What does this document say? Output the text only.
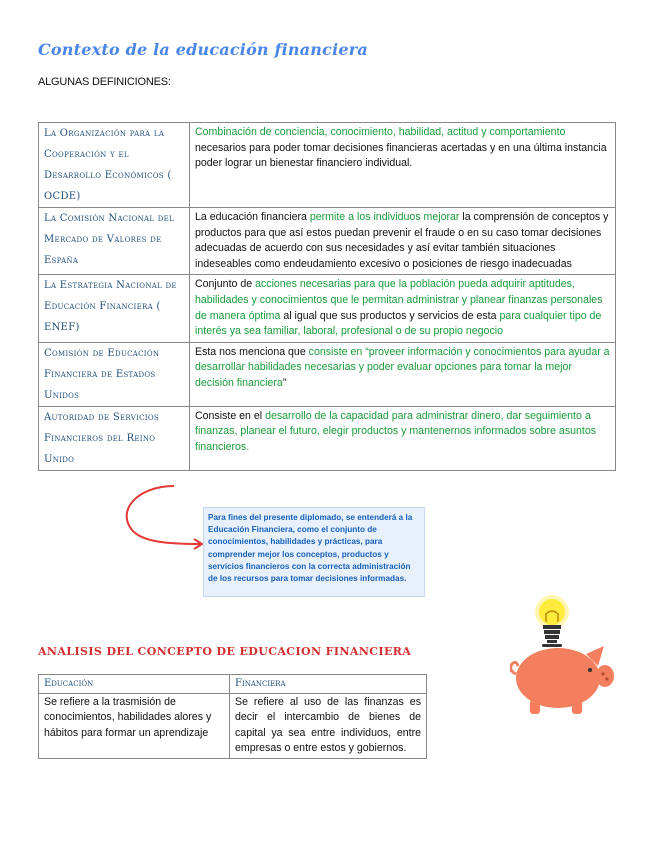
Contexto de la educación financiera
ALGUNAS DEFINICIONES:
La Organización para la Cooperación y el Desarrollo Económicos ( OCDE)	Combinación de conciencia, conocimiento, habilidad, actitud y comportamiento necesarios para poder tomar decisiones financieras acertadas y en una última instancia poder lograr un bienestar financiero individual.
La Comisión Nacional del Mercado de Valores de España	La educación financiera permite a los individuos mejorar la comprensión de conceptos y productos para que así estos puedan prevenir el fraude o en su caso tomar decisiones adecuadas de acuerdo con sus necesidades y así evitar también situaciones indeseables como endeudamiento excesivo o posiciones de riesgo inadecuadas
La Estrategia Nacional de Educación Financiera ( ENEF)	Conjunto de acciones necesarias para que la población pueda adquirir aptitudes, habilidades y conocimientos que le permitan administrar y planear finanzas personales de manera óptima al igual que sus productos y servicios de esta para cualquier tipo de interés ya sea familiar, laboral, profesional o de su propio negocio
Comisión de Educación Financiera de Estados Unidos	Esta nos menciona que consiste en “proveer información y conocimientos para ayudar a desarrollar habilidades necesarias y poder evaluar opciones para tomar la mejor decisión financiera”
Autoridad de Servicios Financieros del Reino Unido	Consiste en el desarrollo de la capacidad para administrar dinero, dar seguimiento a finanzas, planear el futuro, elegir productos y mantenernos informados sobre asuntos financieros.
Para fines del presente diplomado, se entenderá a la Educación Financiera, como el conjunto de conocimientos, habilidades y prácticas, para comprender mejor los conceptos, productos y servicios financieros con la correcta administración de los recursos para tomar decisiones informadas.
ANALISIS DEL CONCEPTO DE EDUCACION FINANCIERA
Educación	Financiera
Se refiere a la trasmisión de conocimientos, habilidades alores y hábitos para formar un aprendizaje	Se refiere al uso de las finanzas es decir el intercambio de bienes de capital ya sea entre individuos, entre empresas o entre estos y gobiernos.
